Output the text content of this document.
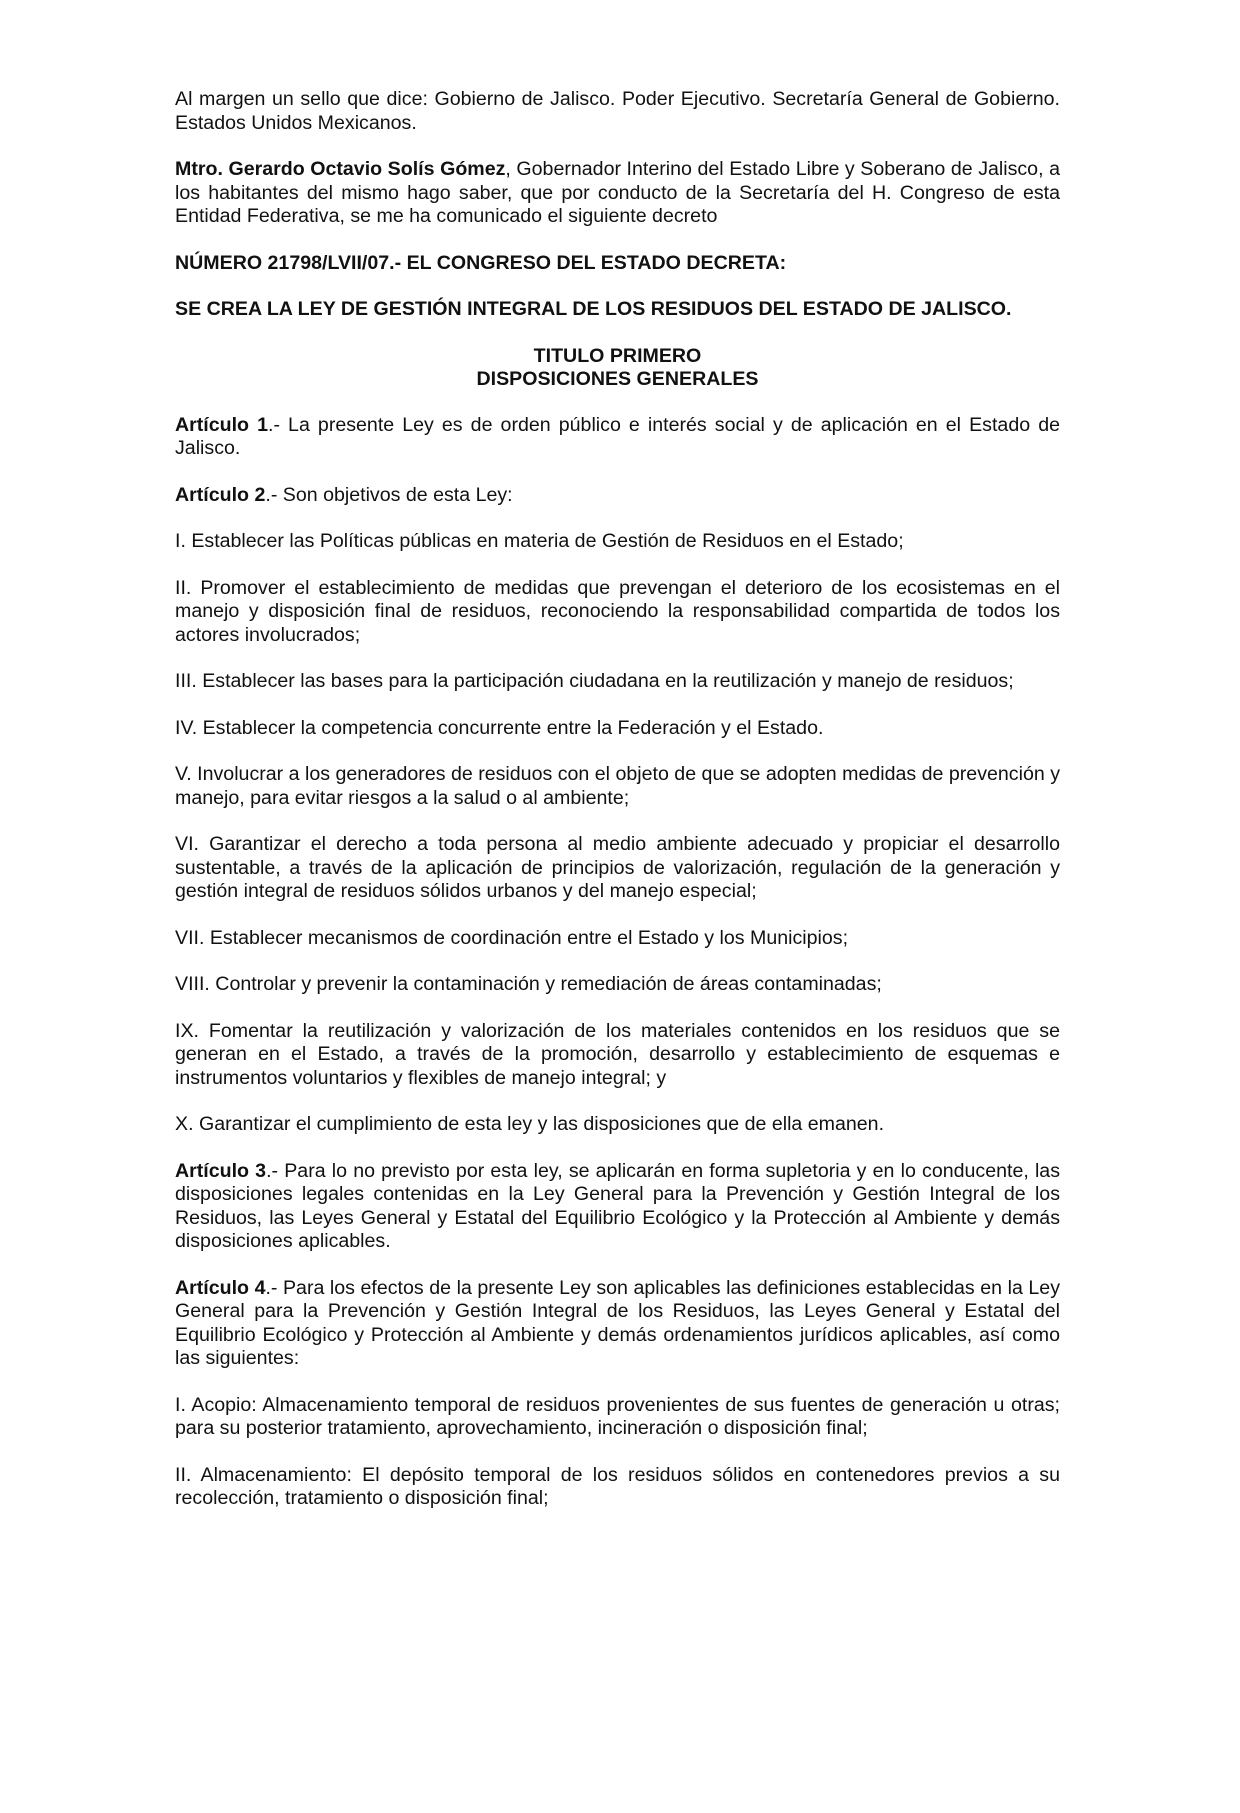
Al margen un sello que dice: Gobierno de Jalisco. Poder Ejecutivo. Secretaría General de Gobierno. Estados Unidos Mexicanos.

Mtro. Gerardo Octavio Solís Gómez, Gobernador Interino del Estado Libre y Soberano de Jalisco, a los habitantes del mismo hago saber, que por conducto de la Secretaría del H. Congreso de esta Entidad Federativa, se me ha comunicado el siguiente decreto

NÚMERO 21798/LVII/07.- EL CONGRESO DEL ESTADO DECRETA:

SE CREA LA LEY DE GESTIÓN INTEGRAL DE LOS RESIDUOS DEL ESTADO DE JALISCO.

TITULO PRIMERO
DISPOSICIONES GENERALES

Artículo 1.- La presente Ley es de orden público e interés social y de aplicación en el Estado de Jalisco.

Artículo 2.- Son objetivos de esta Ley:

I. Establecer las Políticas públicas en materia de Gestión de Residuos en el Estado;

II. Promover el establecimiento de medidas que prevengan el deterioro de los ecosistemas en el manejo y disposición final de residuos, reconociendo la responsabilidad compartida de todos los actores involucrados;

III. Establecer las bases para la participación ciudadana en la reutilización y manejo de residuos;

IV. Establecer la competencia concurrente entre la Federación y el Estado.

V. Involucrar a los generadores de residuos con el objeto de que se adopten medidas de prevención y manejo, para evitar riesgos a la salud o al ambiente;

VI. Garantizar el derecho a toda persona al medio ambiente adecuado y propiciar el desarrollo sustentable, a través de la aplicación de principios de valorización, regulación de la generación y gestión integral de residuos sólidos urbanos y del manejo especial;

VII. Establecer mecanismos de coordinación entre el Estado y los Municipios;

VIII. Controlar y prevenir la contaminación y remediación de áreas contaminadas;

IX. Fomentar la reutilización y valorización de los materiales contenidos en los residuos que se generan en el Estado, a través de la promoción, desarrollo y establecimiento de esquemas e instrumentos voluntarios y flexibles de manejo integral; y

X. Garantizar el cumplimiento de esta ley y las disposiciones que de ella emanen.

Artículo 3.- Para lo no previsto por esta ley, se aplicarán en forma supletoria y en lo conducente, las disposiciones legales contenidas en la Ley General para la Prevención y Gestión Integral de los Residuos, las Leyes General y Estatal del Equilibrio Ecológico y la Protección al Ambiente y demás disposiciones aplicables.

Artículo 4.- Para los efectos de la presente Ley son aplicables las definiciones establecidas en la Ley General para la Prevención y Gestión Integral de los Residuos, las Leyes General y Estatal del Equilibrio Ecológico y Protección al Ambiente y demás ordenamientos jurídicos aplicables, así como las siguientes:

I. Acopio: Almacenamiento temporal de residuos provenientes de sus fuentes de generación u otras; para su posterior tratamiento, aprovechamiento, incineración o disposición final;

II. Almacenamiento: El depósito temporal de los residuos sólidos en contenedores previos a su recolección, tratamiento o disposición final;
